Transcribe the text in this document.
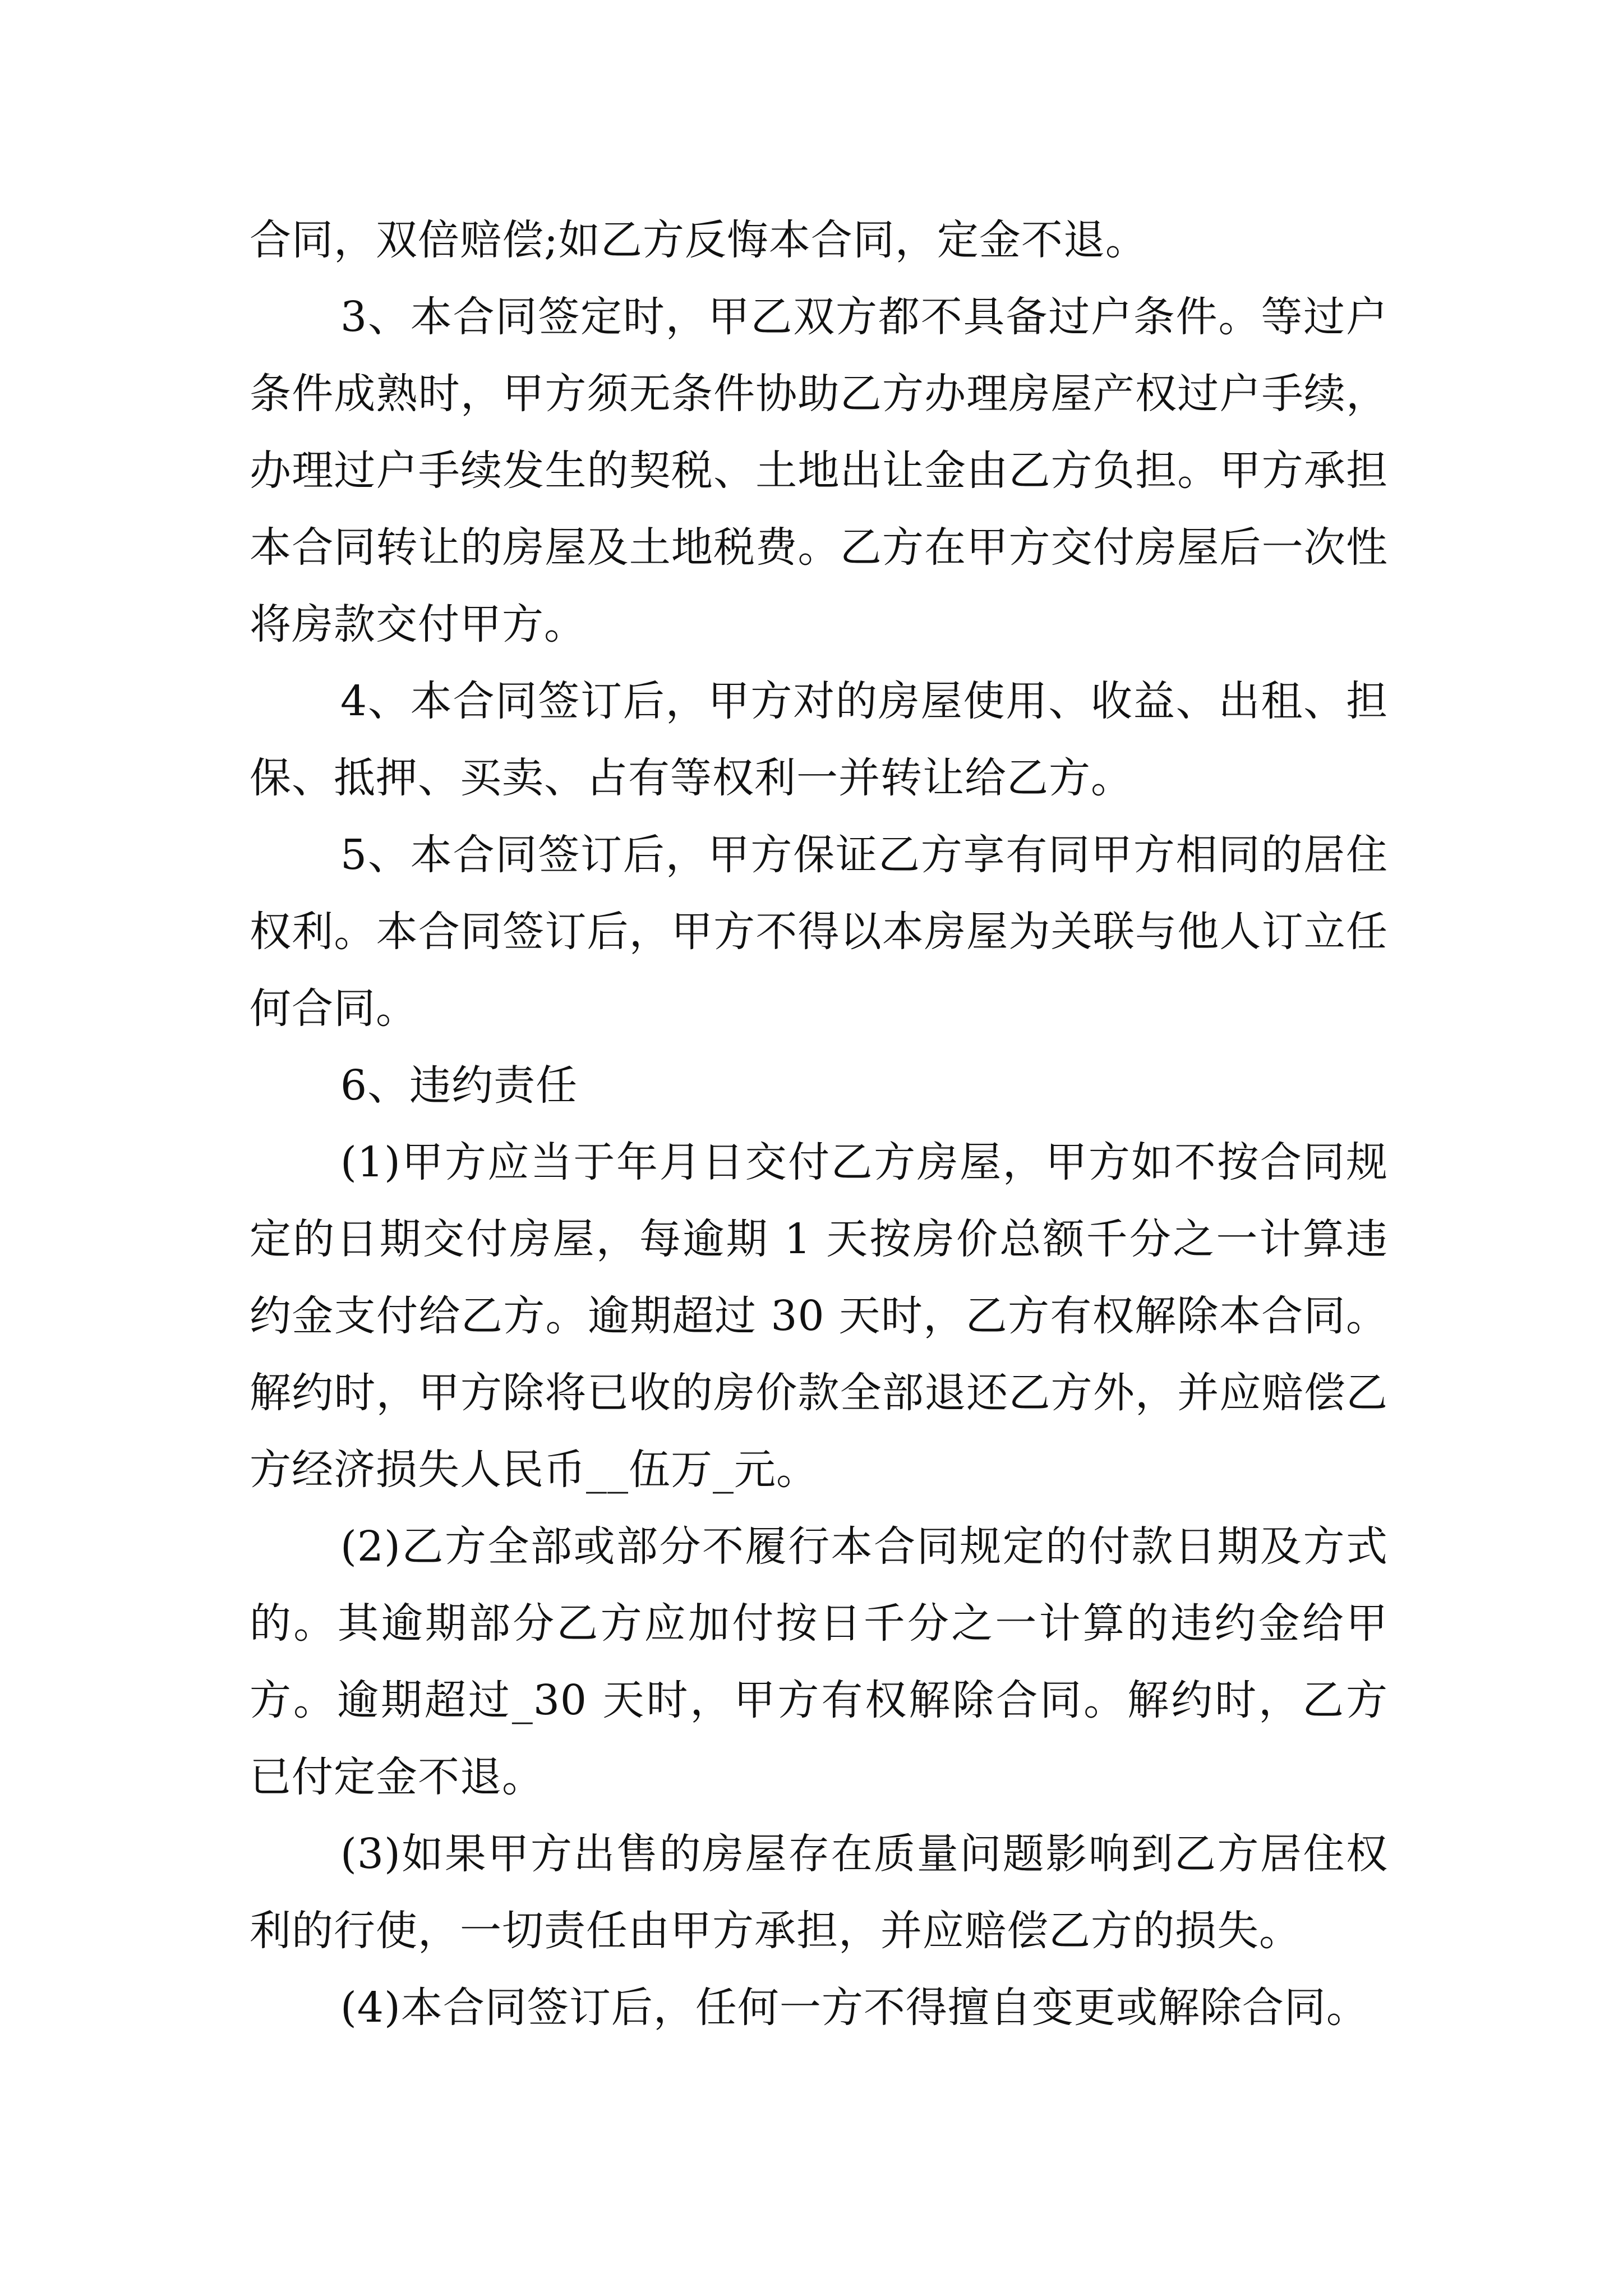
合同，双倍赔偿;如乙方反悔本合同，定金不退。

3、本合同签定时，甲乙双方都不具备过户条件。等过户条件成熟时，甲方须无条件协助乙方办理房屋产权过户手续，办理过户手续发生的契税、土地出让金由乙方负担。甲方承担本合同转让的房屋及土地税费。乙方在甲方交付房屋后一次性将房款交付甲方。

4、本合同签订后，甲方对的房屋使用、收益、出租、担保、抵押、买卖、占有等权利一并转让给乙方。

5、本合同签订后，甲方保证乙方享有同甲方相同的居住权利。本合同签订后，甲方不得以本房屋为关联与他人订立任何合同。

6、违约责任

(1)甲方应当于年月日交付乙方房屋，甲方如不按合同规定的日期交付房屋，每逾期 1 天按房价总额千分之一计算违约金支付给乙方。逾期超过 30 天时，乙方有权解除本合同。解约时，甲方除将已收的房价款全部退还乙方外，并应赔偿乙方经济损失人民币__伍万_元。

(2)乙方全部或部分不履行本合同规定的付款日期及方式的。其逾期部分乙方应加付按日千分之一计算的违约金给甲方。逾期超过_30 天时，甲方有权解除合同。解约时，乙方已付定金不退。

(3)如果甲方出售的房屋存在质量问题影响到乙方居住权利的行使，一切责任由甲方承担，并应赔偿乙方的损失。

(4)本合同签订后，任何一方不得擅自变更或解除合同。
